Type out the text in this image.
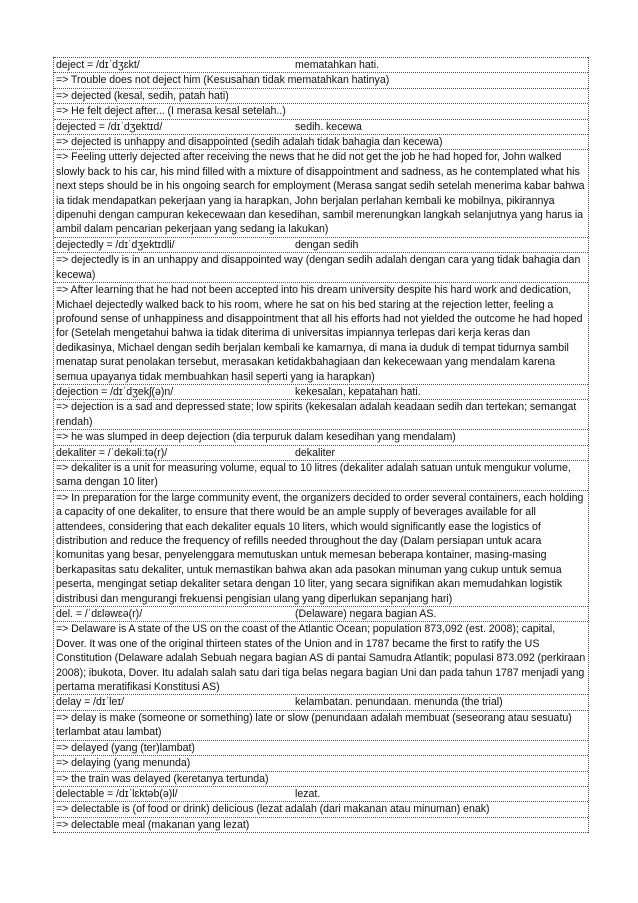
deject = /dɪˈdʒɛkt/	mematahkan hati.
=> Trouble does not deject him (Kesusahan tidak mematahkan hatinya)
=> dejected (kesal, sedih, patah hati)
=> He felt deject after... (I merasa kesal setelah..)
dejected = /dɪˈdʒektɪd/	sedih. kecewa
=> dejected is unhappy and disappointed (sedih adalah tidak bahagia dan kecewa)
=> Feeling utterly dejected after receiving the news that he did not get the job he had hoped for, John walked slowly back to his car, his mind filled with a mixture of disappointment and sadness, as he contemplated what his next steps should be in his ongoing search for employment (Merasa sangat sedih setelah menerima kabar bahwa ia tidak mendapatkan pekerjaan yang ia harapkan, John berjalan perlahan kembali ke mobilnya, pikirannya dipenuhi dengan campuran kekecewaan dan kesedihan, sambil merenungkan langkah selanjutnya yang harus ia ambil dalam pencarian pekerjaan yang sedang ia lakukan)
dejectedly = /dɪˈdʒektɪdli/	dengan sedih
=> dejectedly is in an unhappy and disappointed way (dengan sedih adalah dengan cara yang tidak bahagia dan kecewa)
=> After learning that he had not been accepted into his dream university despite his hard work and dedication, Michael dejectedly walked back to his room, where he sat on his bed staring at the rejection letter, feeling a profound sense of unhappiness and disappointment that all his efforts had not yielded the outcome he had hoped for (Setelah mengetahui bahwa ia tidak diterima di universitas impiannya terlepas dari kerja keras dan dedikasinya, Michael dengan sedih berjalan kembali ke kamarnya, di mana ia duduk di tempat tidurnya sambil menatap surat penolakan tersebut, merasakan ketidakbahagiaan dan kekecewaan yang mendalam karena semua upayanya tidak membuahkan hasil seperti yang ia harapkan)
dejection = /dɪˈdʒekʃ(ə)n/	kekesalan, kepatahan hati.
=> dejection is a sad and depressed state; low spirits (kekesalan adalah keadaan sedih dan tertekan; semangat rendah)
=> he was slumped in deep dejection (dia terpuruk dalam kesedihan yang mendalam)
dekaliter = /ˈdekəliːtə(r)/	dekaliter
=> dekaliter is a unit for measuring volume, equal to 10 litres (dekaliter adalah satuan untuk mengukur volume, sama dengan 10 liter)
=> In preparation for the large community event, the organizers decided to order several containers, each holding a capacity of one dekaliter, to ensure that there would be an ample supply of beverages available for all attendees, considering that each dekaliter equals 10 liters, which would significantly ease the logistics of distribution and reduce the frequency of refills needed throughout the day (Dalam persiapan untuk acara komunitas yang besar, penyelenggara memutuskan untuk memesan beberapa kontainer, masing-masing berkapasitas satu dekaliter, untuk memastikan bahwa akan ada pasokan minuman yang cukup untuk semua peserta, mengingat setiap dekaliter setara dengan 10 liter, yang secara signifikan akan memudahkan logistik distribusi dan mengurangi frekuensi pengisian ulang yang diperlukan sepanjang hari)
del. = /ˈdɛləwɛə(r)/	(Delaware) negara bagian AS.
=> Delaware is A state of the US on the coast of the Atlantic Ocean; population 873,092 (est. 2008); capital, Dover. It was one of the original thirteen states of the Union and in 1787 became the first to ratify the US Constitution (Delaware adalah Sebuah negara bagian AS di pantai Samudra Atlantik; populasi 873.092 (perkiraan 2008); ibukota, Dover. Itu adalah salah satu dari tiga belas negara bagian Uni dan pada tahun 1787 menjadi yang pertama meratifikasi Konstitusi AS)
delay = /dɪˈleɪ/	kelambatan. penundaan. menunda (the trial)
=> delay is make (someone or something) late or slow (penundaan adalah membuat (seseorang atau sesuatu) terlambat atau lambat)
=> delayed (yang (ter)lambat)
=> delaying (yang menunda)
=> the train was delayed (keretanya tertunda)
delectable = /dɪˈlɛktəb(ə)l/	lezat.
=> delectable is (of food or drink) delicious (lezat adalah (dari makanan atau minuman) enak)
=> delectable meal (makanan yang lezat)
